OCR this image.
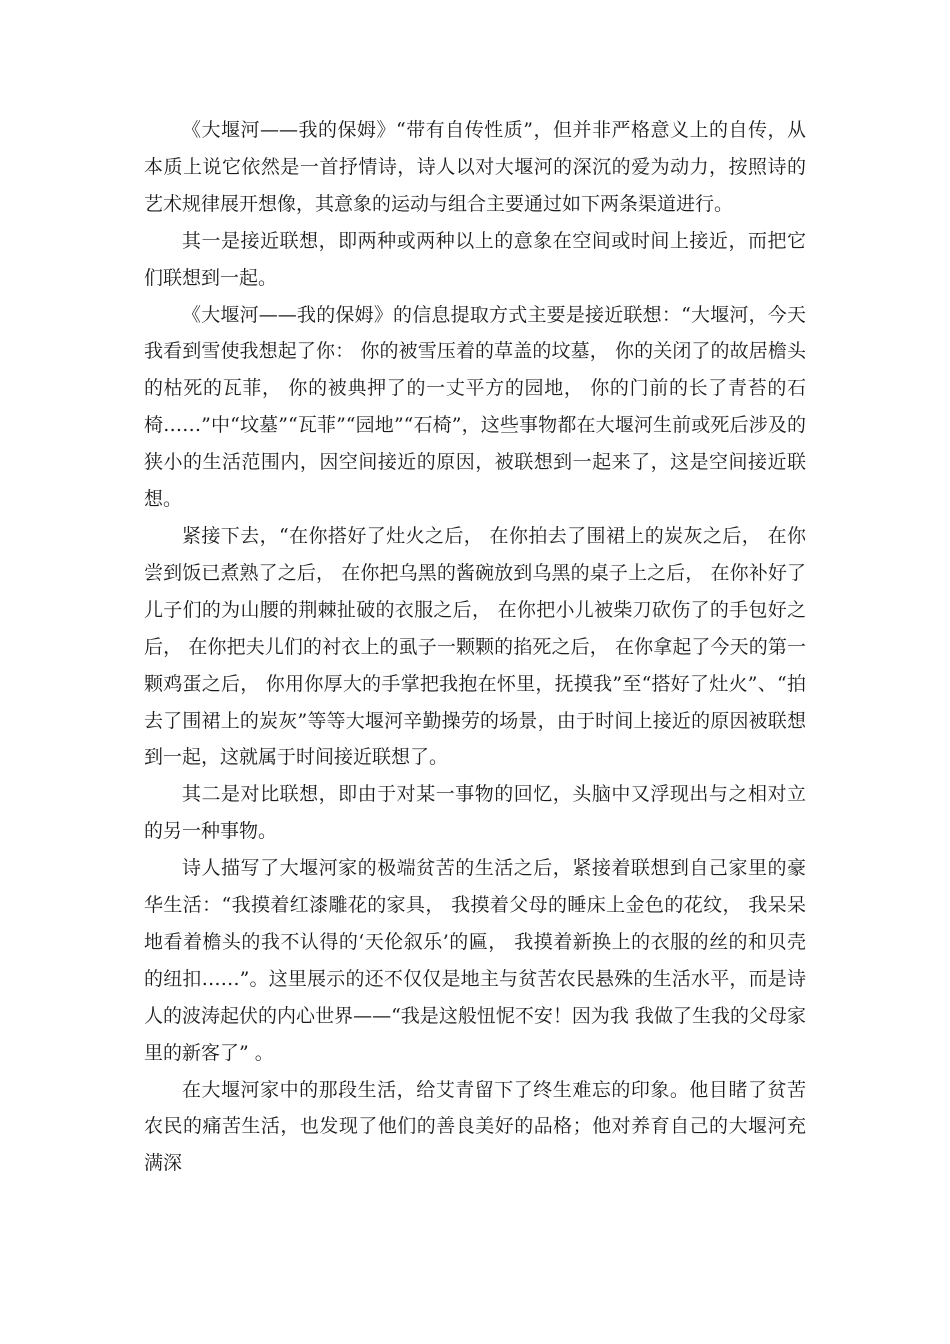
《大堰河——我的保姆》“带有自传性质”，但并非严格意义上的自传，从本质上说它依然是一首抒情诗，诗人以对大堰河的深沉的爱为动力，按照诗的艺术规律展开想像，其意象的运动与组合主要通过如下两条渠道进行。

其一是接近联想，即两种或两种以上的意象在空间或时间上接近，而把它们联想到一起。

《大堰河——我的保姆》的信息提取方式主要是接近联想：“大堰河，今天我看到雪使我想起了你： 你的被雪压着的草盖的坟墓， 你的关闭了的故居檐头的枯死的瓦菲， 你的被典押了的一丈平方的园地， 你的门前的长了青苔的石椅……”中“坟墓”“瓦菲”“园地”“石椅”，这些事物都在大堰河生前或死后涉及的狭小的生活范围内，因空间接近的原因，被联想到一起来了，这是空间接近联想。

紧接下去，“在你搭好了灶火之后， 在你拍去了围裙上的炭灰之后， 在你尝到饭已煮熟了之后， 在你把乌黑的酱碗放到乌黑的桌子上之后， 在你补好了儿子们的为山腰的荆棘扯破的衣服之后， 在你把小儿被柴刀砍伤了的手包好之后， 在你把夫儿们的衬衣上的虱子一颗颗的掐死之后， 在你拿起了今天的第一颗鸡蛋之后， 你用你厚大的手掌把我抱在怀里，抚摸我”至“搭好了灶火”、“拍去了围裙上的炭灰”等等大堰河辛勤操劳的场景，由于时间上接近的原因被联想到一起，这就属于时间接近联想了。

其二是对比联想，即由于对某一事物的回忆，头脑中又浮现出与之相对立的另一种事物。

诗人描写了大堰河家的极端贫苦的生活之后，紧接着联想到自己家里的豪华生活：“我摸着红漆雕花的家具， 我摸着父母的睡床上金色的花纹， 我呆呆地看着檐头的我不认得的‘天伦叙乐’的匾， 我摸着新换上的衣服的丝的和贝壳的纽扣……”。这里展示的还不仅仅是地主与贫苦农民悬殊的生活水平，而是诗人的波涛起伏的内心世界——“我是这般忸怩不安！因为我 我做了生我的父母家里的新客了” 。

在大堰河家中的那段生活，给艾青留下了终生难忘的印象。他目睹了贫苦农民的痛苦生活，也发现了他们的善良美好的品格；他对养育自己的大堰河充满深
